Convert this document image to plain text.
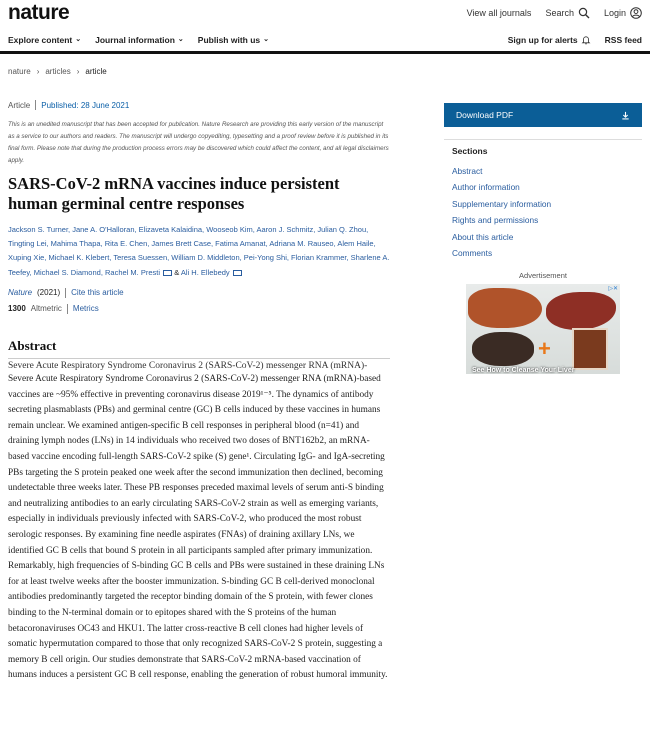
nature	View all journals Search	Login
Explore content ⌄ Journal information ⌄ Publish with us ⌄	Sign up for alerts	RSS feed
nature › articles › article
Article Published: 28 June 2021

This is an unedited manuscript that has been accepted for publication. Nature Research are providing this early version of the manuscript as a service to our authors and readers. The manuscript will undergo copyediting, typesetting and a proof review before it is published in its final form. Please note that during the production process errors may be discovered which could affect the content, and all legal disclaimers apply.

SARS-CoV-2 mRNA vaccines induce persistent human germinal centre responses

Jackson S. Turner, Jane A. O'Halloran, Elizaveta Kalaidina, Wooseob Kim, Aaron J. Schmitz, Julian Q. Zhou, Tingting Lei, Mahima Thapa, Rita E. Chen, James Brett Case, Fatima Amanat, Adriana M. Rauseo, Alem Haile, Xuping Xie, Michael K. Klebert, Teresa Suessen, William D. Middleton, Pei-Yong Shi, Florian Krammer, Sharlene A. Teefey, Michael S. Diamond, Rachel M. Presti & Ali H. Ellebedy

Nature (2021) Cite this article
1300 Altmetric Metrics
Abstract
Severe Acute Respiratory Syndrome Coronavirus 2 (SARS-CoV-2) messenger RNA (mRNA)-

Severe Acute Respiratory Syndrome Coronavirus 2 (SARS-CoV-2) messenger RNA (mRNA)-based vaccines are ~95% effective in preventing coronavirus disease 2019¹⁻⁵. The dynamics of antibody secreting plasmablasts (PBs) and germinal centre (GC) B cells induced by these vaccines in humans remain unclear. We examined antigen-specific B cell responses in peripheral blood (n=41) and draining lymph nodes (LNs) in 14 individuals who received two doses of BNT162b2, an mRNA-based vaccine encoding full-length SARS-CoV-2 spike (S) gene¹. Circulating IgG- and IgA-secreting PBs targeting the S protein peaked one week after the second immunization then declined, becoming undetectable three weeks later. These PB responses preceded maximal levels of serum anti-S binding and neutralizing antibodies to an early circulating SARS-CoV-2 strain as well as emerging variants, especially in individuals previously infected with SARS-CoV-2, who produced the most robust serologic responses. By examining fine needle aspirates (FNAs) of draining axillary LNs, we identified GC B cells that bound S protein in all participants sampled after primary immunization. Remarkably, high frequencies of S-binding GC B cells and PBs were sustained in these draining LNs for at least twelve weeks after the booster immunization. S-binding GC B cell-derived monoclonal antibodies predominantly targeted the receptor binding domain of the S protein, with fewer clones binding to the N-terminal domain or to epitopes shared with the S proteins of the human betacoronaviruses OC43 and HKU1. The latter cross-reactive B cell clones had higher levels of somatic hypermutation compared to those that only recognized SARS-CoV-2 S protein, suggesting a memory B cell origin. Our studies demonstrate that SARS-CoV-2 mRNA-based vaccination of humans induces a persistent GC B cell response, enabling the generation of robust humoral immunity.

Download PDF
Sections
Abstract
Author information
Supplementary information
Rights and permissions
About this article
Comments
Advertisement
+
▷✕
See How to Cleanse Your Liver
